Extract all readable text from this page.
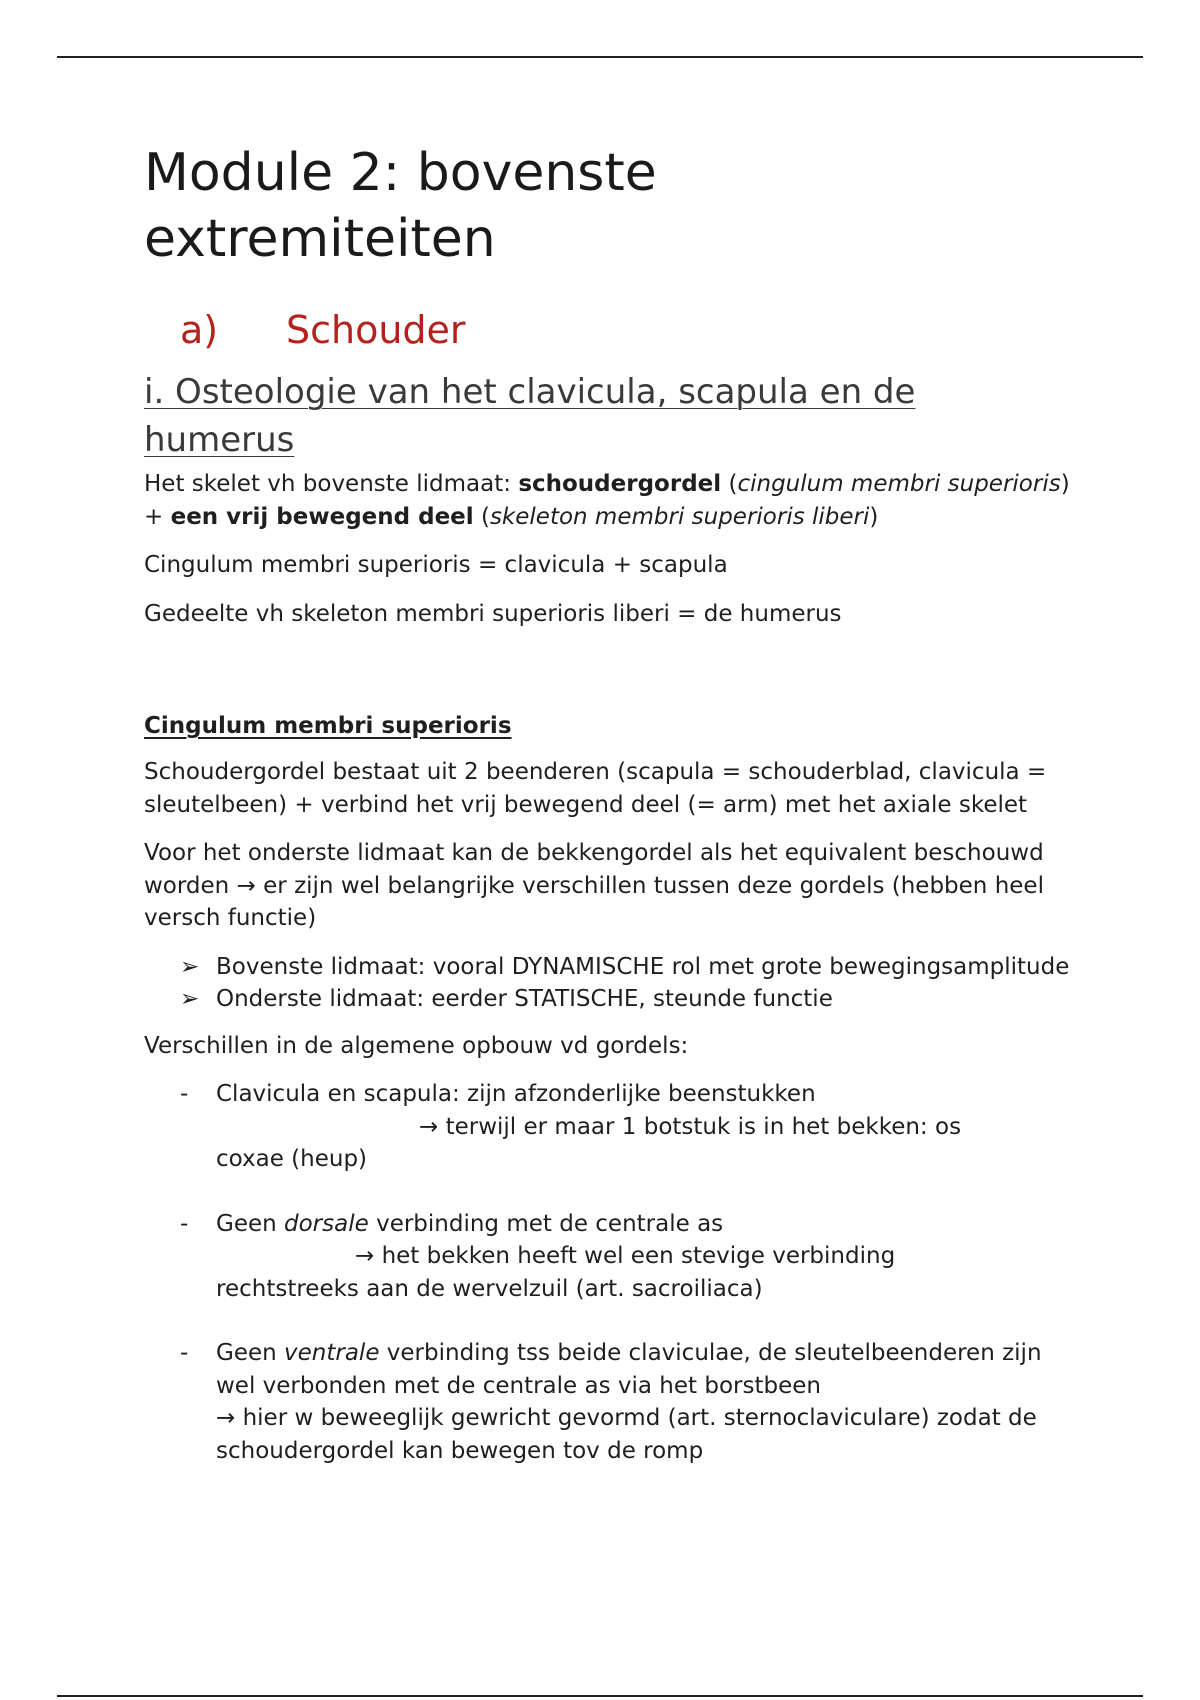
Module 2: bovenste
extremiteiten
a)	Schouder
i. Osteologie van het clavicula, scapula en de
humerus

Het skelet vh bovenste lidmaat: schoudergordel (cingulum membri superioris) + een vrij bewegend deel (skeleton membri superioris liberi)

Cingulum membri superioris = clavicula + scapula

Gedeelte vh skeleton membri superioris liberi = de humerus

Cingulum membri superioris

Schoudergordel bestaat uit 2 beenderen (scapula = schouderblad, clavicula = sleutelbeen) + verbind het vrij bewegend deel (= arm) met het axiale skelet

Voor het onderste lidmaat kan de bekkengordel als het equivalent beschouwd worden → er zijn wel belangrijke verschillen tussen deze gordels (hebben heel versch functie)

➢ Bovenste lidmaat: vooral DYNAMISCHE rol met grote bewegingsamplitude
➢ Onderste lidmaat: eerder STATISCHE, steunde functie

Verschillen in de algemene opbouw vd gordels:

- Clavicula en scapula: zijn afzonderlijke beenstukken
→ terwijl er maar 1 botstuk is in het bekken: os
coxae (heup)
- Geen dorsale verbinding met de centrale as
→ het bekken heeft wel een stevige verbinding
rechtstreeks aan de wervelzuil (art. sacroiliaca)
- Geen ventrale verbinding tss beide claviculae, de sleutelbeenderen zijn wel verbonden met de centrale as via het borstbeen
→ hier w beweeglijk gewricht gevormd (art. sternoclaviculare) zodat de schoudergordel kan bewegen tov de romp
